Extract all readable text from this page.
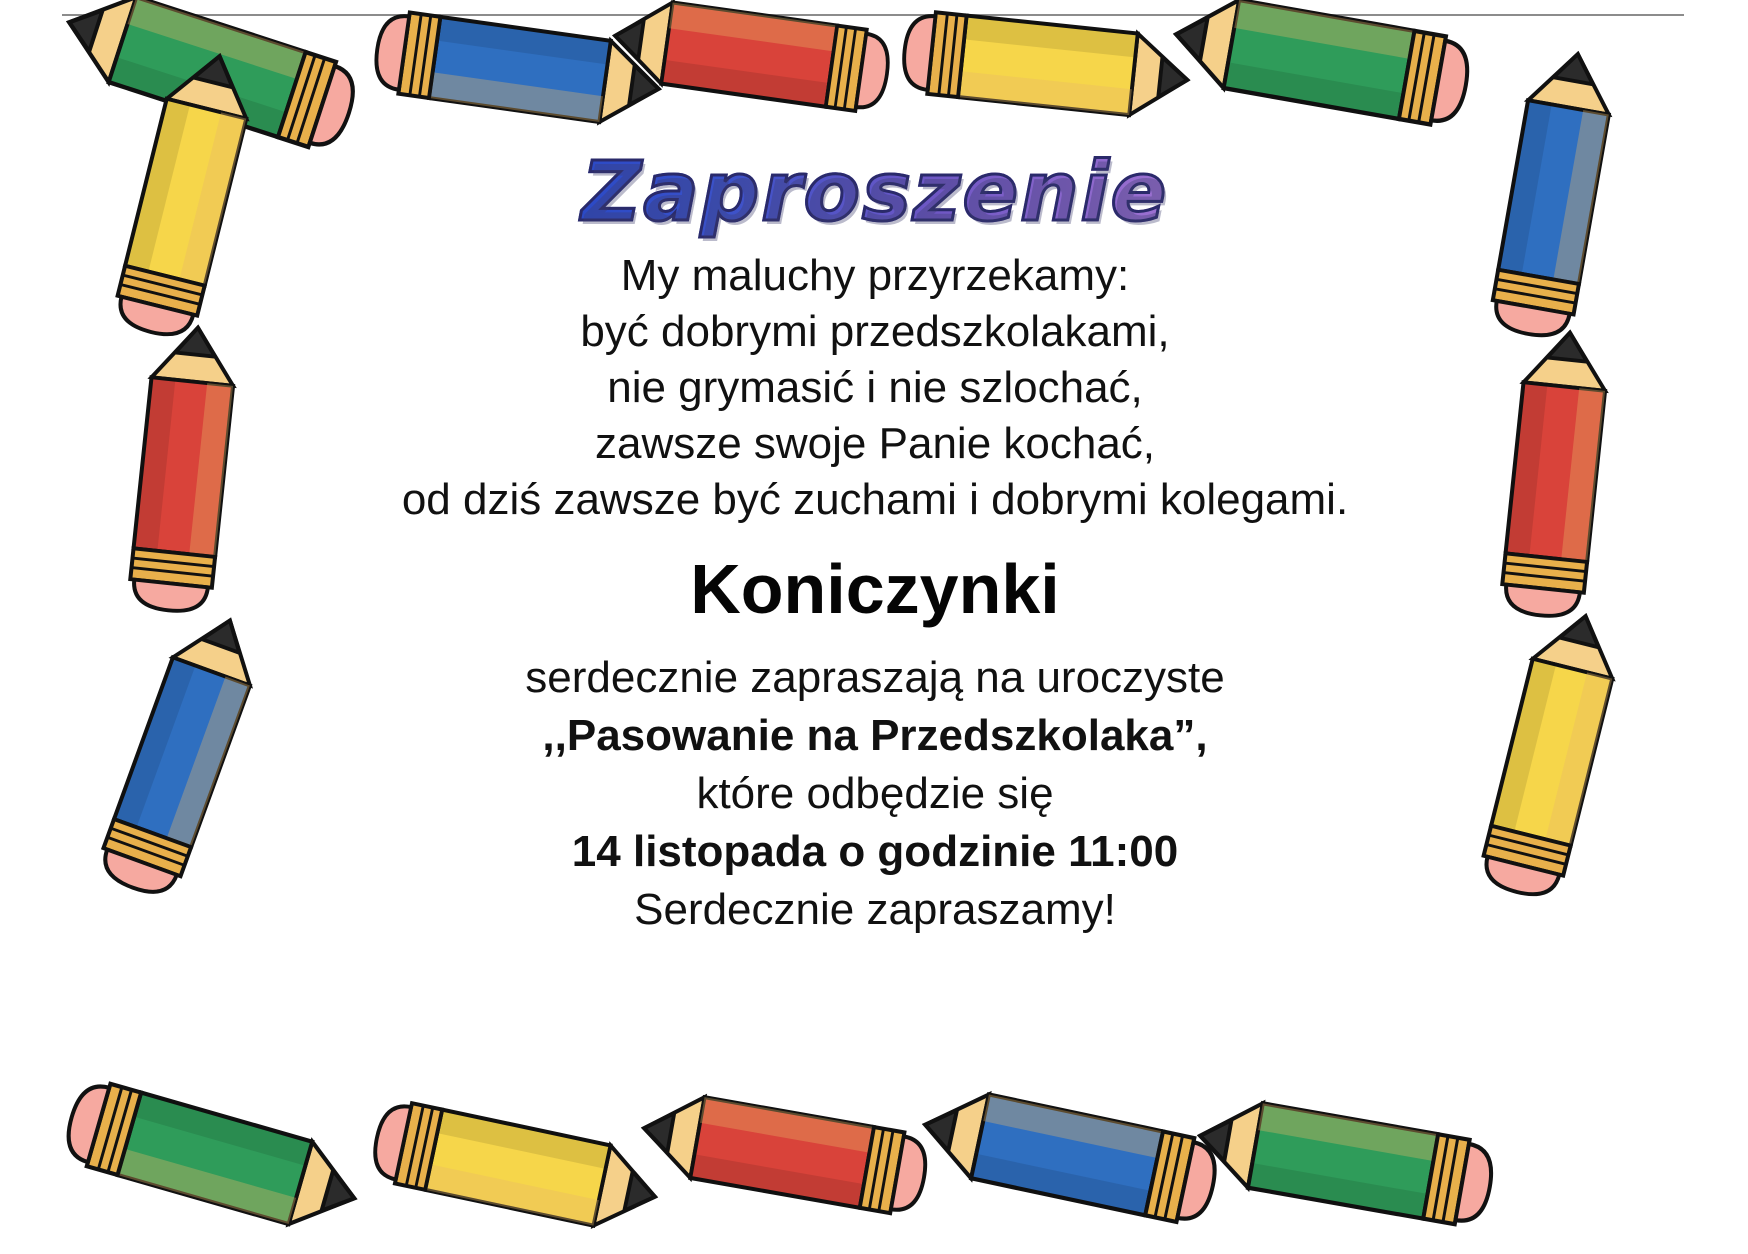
Zaproszenie
My maluchy przyrzekamy:
być dobrymi przedszkolakami,
nie grymasić i nie szlochać,
zawsze swoje Panie kochać,
od dziś zawsze być zuchami i dobrymi kolegami.
Koniczynki
serdecznie zapraszają na uroczyste
,,Pasowanie na Przedszkolaka”,
które odbędzie się
14 listopada o godzinie 11:00
Serdecznie zapraszamy!
